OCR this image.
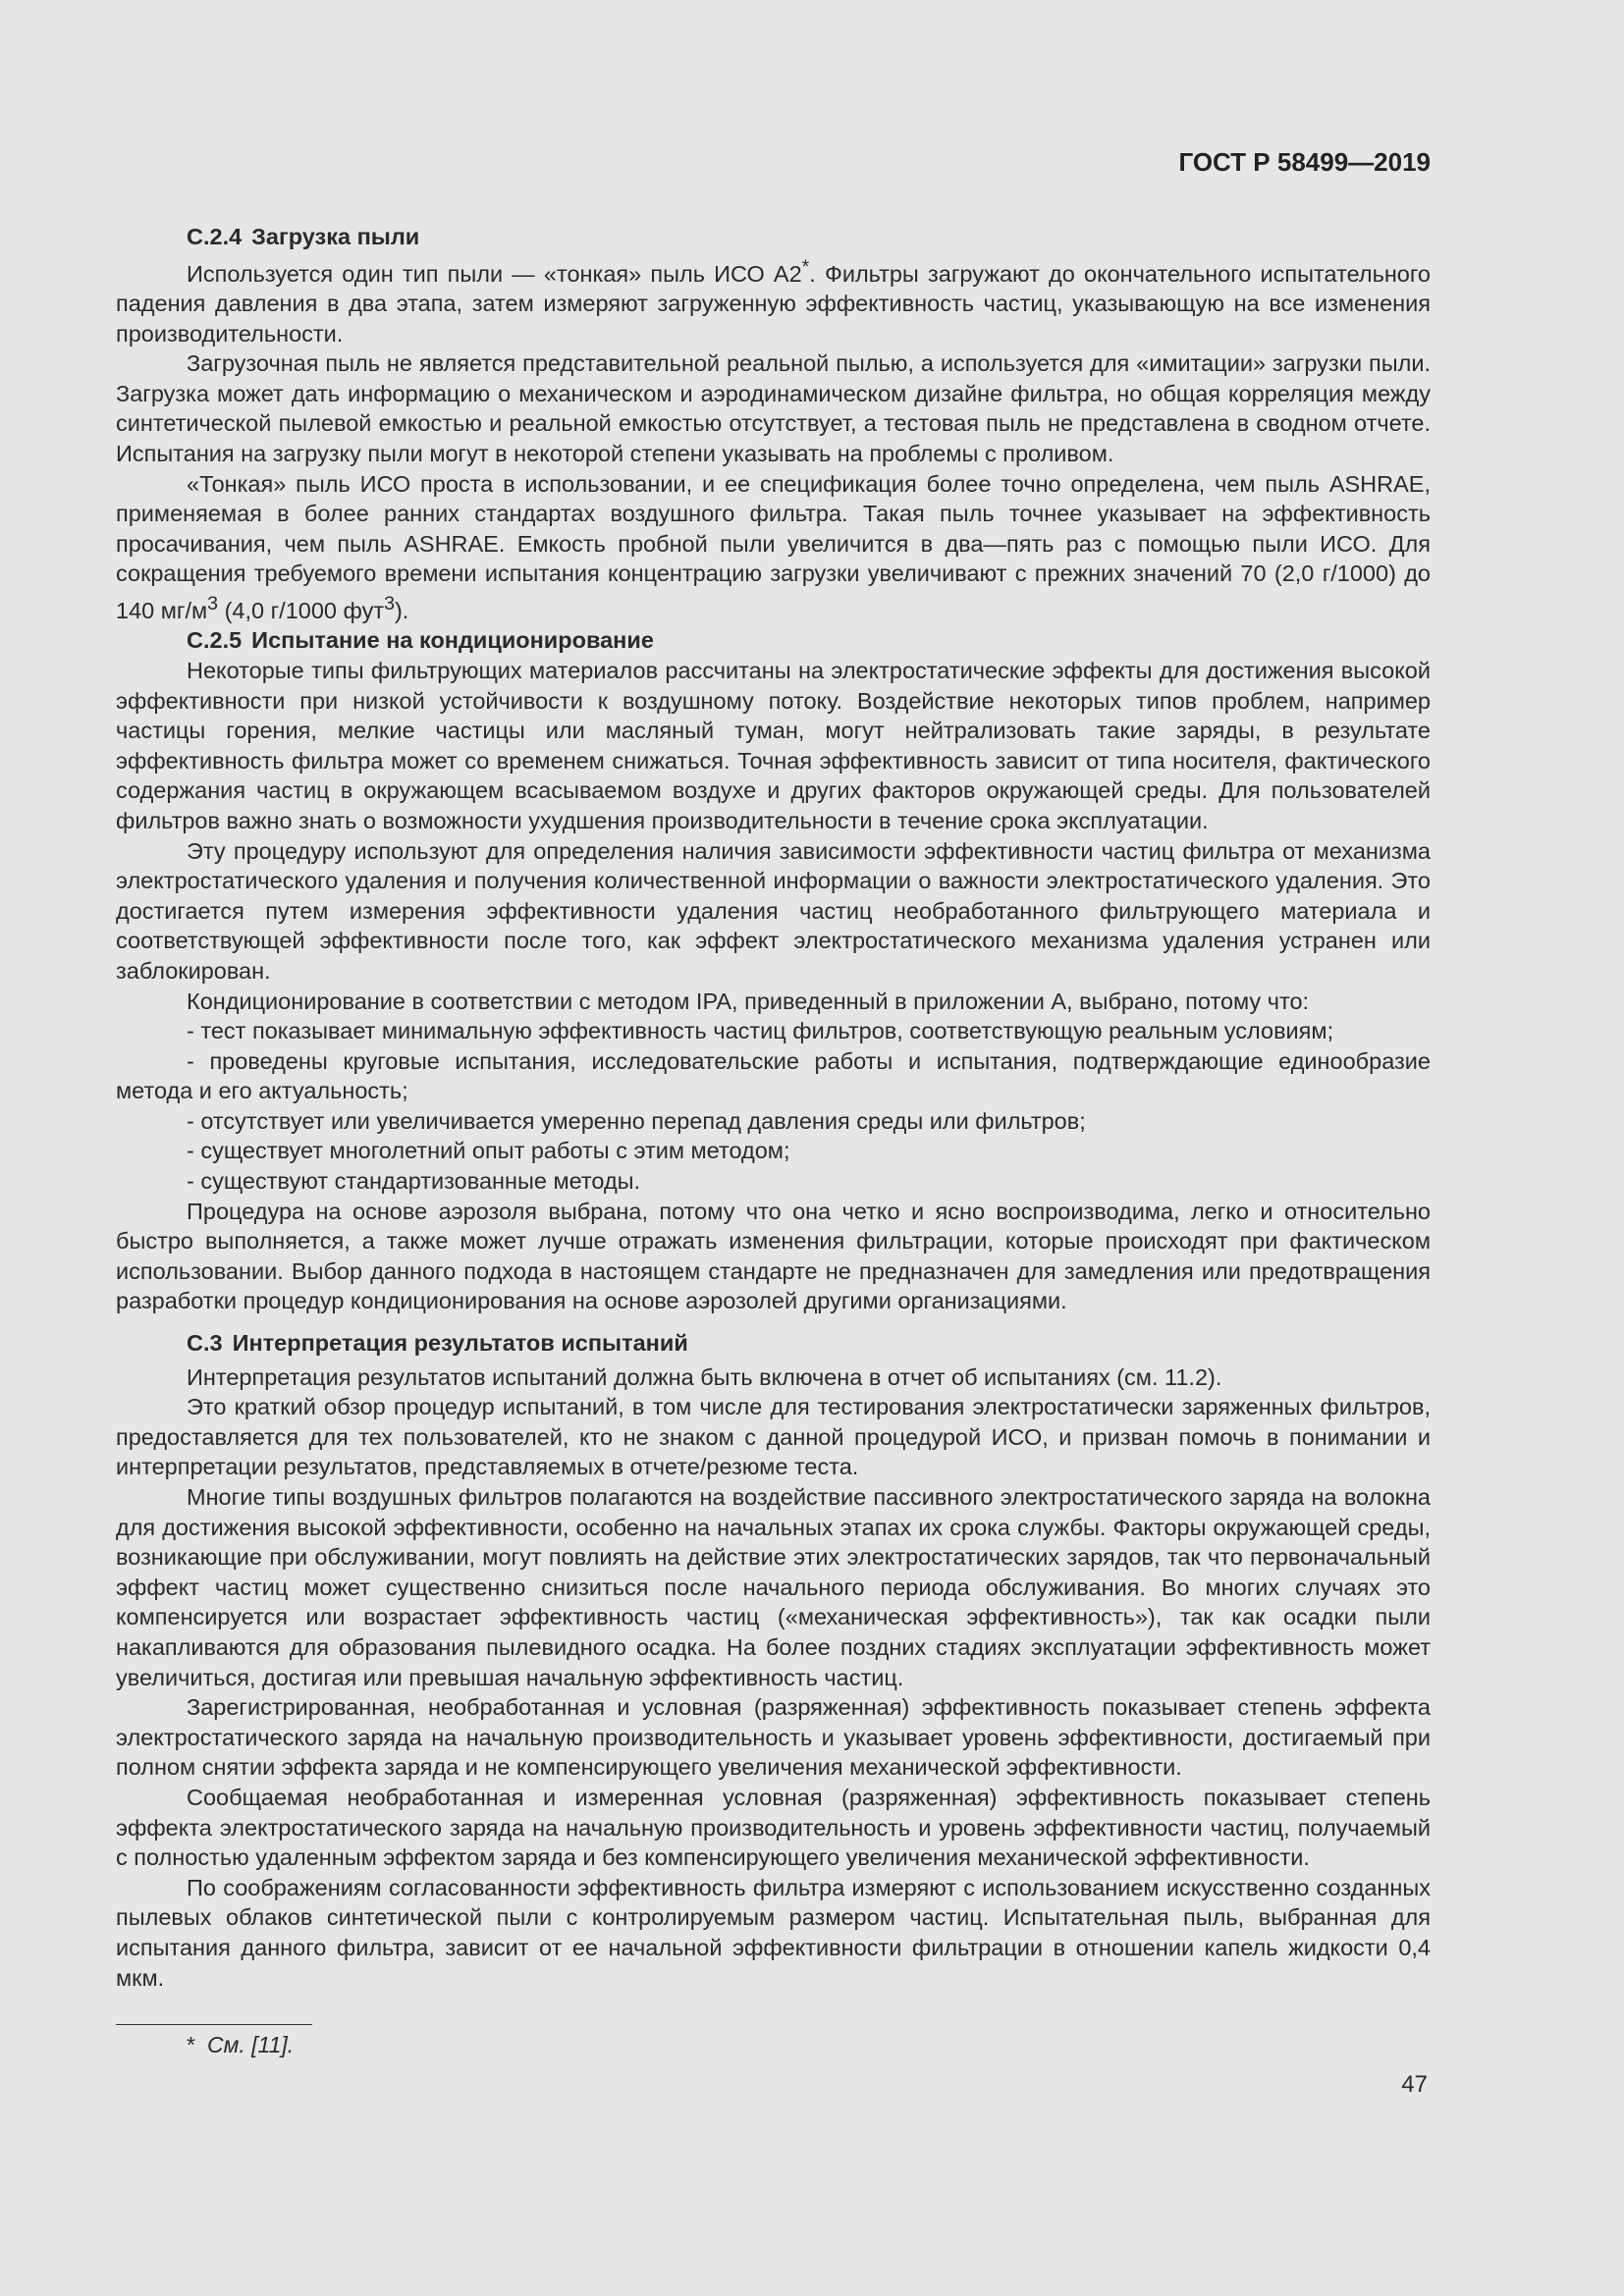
ГОСТ Р 58499—2019
С.2.4 Загрузка пыли

Используется один тип пыли — «тонкая» пыль ИСО А2*. Фильтры загружают до окончательного испытательного падения давления в два этапа, затем измеряют загруженную эффективность частиц, указывающую на все изменения производительности.

Загрузочная пыль не является представительной реальной пылью, а используется для «имитации» загрузки пыли. Загрузка может дать информацию о механическом и аэродинамическом дизайне фильтра, но общая корреляция между синтетической пылевой емкостью и реальной емкостью отсутствует, а тестовая пыль не представлена в сводном отчете. Испытания на загрузку пыли могут в некоторой степени указывать на проблемы с проливом.

«Тонкая» пыль ИСО проста в использовании, и ее спецификация более точно определена, чем пыль ASHRAE, применяемая в более ранних стандартах воздушного фильтра. Такая пыль точнее указывает на эффективность просачивания, чем пыль ASHRAE. Емкость пробной пыли увеличится в два—пять раз с помощью пыли ИСО. Для сокращения требуемого времени испытания концентрацию загрузки увеличивают с прежних значений 70 (2,0 г/1000) до 140 $мг/м^3$ (4,0 г/1000 фут$^3$).

С.2.5 Испытание на кондиционирование

Некоторые типы фильтрующих материалов рассчитаны на электростатические эффекты для достижения высокой эффективности при низкой устойчивости к воздушному потоку. Воздействие некоторых типов проблем, например частицы горения, мелкие частицы или масляный туман, могут нейтрализовать такие заряды, в результате эффективность фильтра может со временем снижаться. Точная эффективность зависит от типа носителя, фактического содержания частиц в окружающем всасываемом воздухе и других факторов окружающей среды. Для пользователей фильтров важно знать о возможности ухудшения производительности в течение срока эксплуатации.

Эту процедуру используют для определения наличия зависимости эффективности частиц фильтра от механизма электростатического удаления и получения количественной информации о важности электростатического удаления. Это достигается путем измерения эффективности удаления частиц необработанного фильтрующего материала и соответствующей эффективности после того, как эффект электростатического механизма удаления устранен или заблокирован.

Кондиционирование в соответствии с методом IPA, приведенный в приложении А, выбрано, потому что:

- тест показывает минимальную эффективность частиц фильтров, соответствующую реальным условиям;

- проведены круговые испытания, исследовательские работы и испытания, подтверждающие единообразие метода и его актуальность;

- отсутствует или увеличивается умеренно перепад давления среды или фильтров;

- существует многолетний опыт работы с этим методом;

- существуют стандартизованные методы.

Процедура на основе аэрозоля выбрана, потому что она четко и ясно воспроизводима, легко и относительно быстро выполняется, а также может лучше отражать изменения фильтрации, которые происходят при фактическом использовании. Выбор данного подхода в настоящем стандарте не предназначен для замедления или предотвращения разработки процедур кондиционирования на основе аэрозолей другими организациями.

С.3 Интерпретация результатов испытаний

Интерпретация результатов испытаний должна быть включена в отчет об испытаниях (см. 11.2).

Это краткий обзор процедур испытаний, в том числе для тестирования электростатически заряженных фильтров, предоставляется для тех пользователей, кто не знаком с данной процедурой ИСО, и призван помочь в понимании и интерпретации результатов, представляемых в отчете/резюме теста.

Многие типы воздушных фильтров полагаются на воздействие пассивного электростатического заряда на волокна для достижения высокой эффективности, особенно на начальных этапах их срока службы. Факторы окружающей среды, возникающие при обслуживании, могут повлиять на действие этих электростатических зарядов, так что первоначальный эффект частиц может существенно снизиться после начального периода обслуживания. Во многих случаях это компенсируется или возрастает эффективность частиц («механическая эффективность»), так как осадки пыли накапливаются для образования пылевидного осадка. На более поздних стадиях эксплуатации эффективность может увеличиться, достигая или превышая начальную эффективность частиц.

Зарегистрированная, необработанная и условная (разряженная) эффективность показывает степень эффекта электростатического заряда на начальную производительность и указывает уровень эффективности, достигаемый при полном снятии эффекта заряда и не компенсирующего увеличения механической эффективности.

Сообщаемая необработанная и измеренная условная (разряженная) эффективность показывает степень эффекта электростатического заряда на начальную производительность и уровень эффективности частиц, получаемый с полностью удаленным эффектом заряда и без компенсирующего увеличения механической эффективности.

По соображениям согласованности эффективность фильтра измеряют с использованием искусственно созданных пылевых облаков синтетической пыли с контролируемым размером частиц. Испытательная пыль, выбранная для испытания данного фильтра, зависит от ее начальной эффективности фильтрации в отношении капель жидкости 0,4 мкм.

* См. [11].
47
